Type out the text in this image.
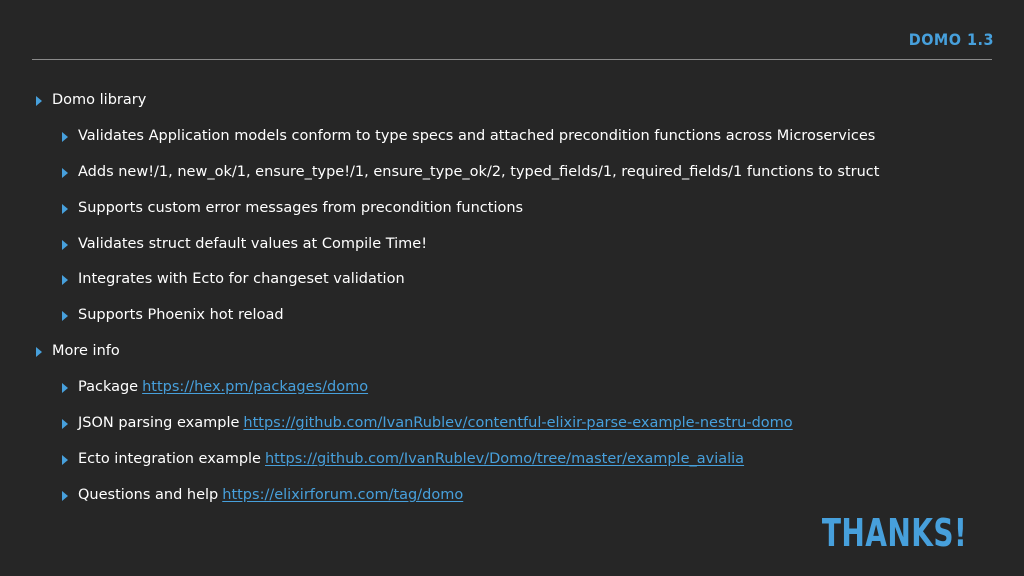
DOMO 1.3
Domo library
Validates Application models conform to type specs and attached precondition functions across Microservices
Adds new!/1, new_ok/1, ensure_type!/1, ensure_type_ok/2, typed_fields/1, required_fields/1 functions to struct
Supports custom error messages from precondition functions
Validates struct default values at Compile Time!
Integrates with Ecto for changeset validation
Supports Phoenix hot reload
More info
Package https://hex.pm/packages/domo
JSON parsing example https://github.com/IvanRublev/contentful-elixir-parse-example-nestru-domo
Ecto integration example https://github.com/IvanRublev/Domo/tree/master/example_avialia
Questions and help https://elixirforum.com/tag/domo
THANKS!
